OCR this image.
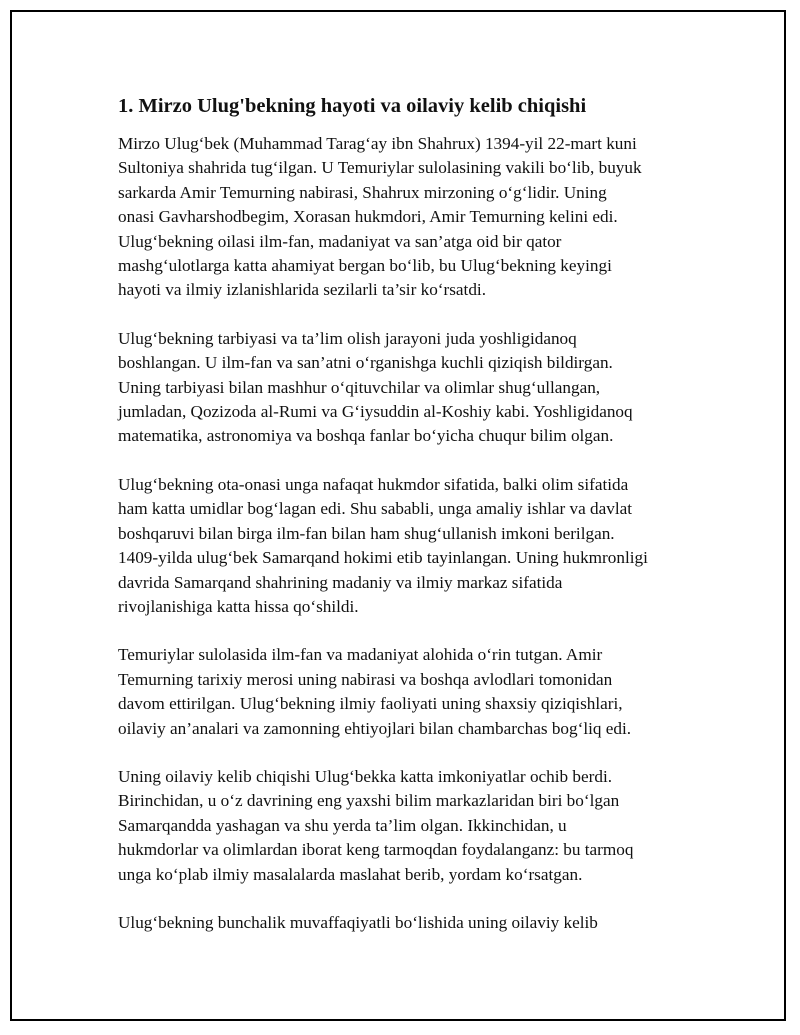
1. Mirzo Ulug'bekning hayoti va oilaviy kelib chiqishi
Mirzo Ulug‘bek (Muhammad Tarag‘ay ibn Shahrux) 1394-yil 22-mart kuni
Sultoniya shahrida tug‘ilgan. U Temuriylar sulolasining vakili bo‘lib, buyuk
sarkarda Amir Temurning nabirasi, Shahrux mirzoning o‘g‘lidir. Uning
onasi Gavharshodbegim, Xorasan hukmdori, Amir Temurning kelini edi.
Ulug‘bekning oilasi ilm-fan, madaniyat va san’atga oid bir qator
mashg‘ulotlarga katta ahamiyat bergan bo‘lib, bu Ulug‘bekning keyingi
hayoti va ilmiy izlanishlarida sezilarli ta’sir ko‘rsatdi.
Ulug‘bekning tarbiyasi va ta’lim olish jarayoni juda yoshligidanoq
boshlangan. U ilm-fan va san’atni o‘rganishga kuchli qiziqish bildirgan.
Uning tarbiyasi bilan mashhur o‘qituvchilar va olimlar shug‘ullangan,
jumladan, Qozizoda al-Rumi va G‘iysuddin al-Koshiy kabi. Yoshligidanoq
matematika, astronomiya va boshqa fanlar bo‘yicha chuqur bilim olgan.
Ulug‘bekning ota-onasi unga nafaqat hukmdor sifatida, balki olim sifatida
ham katta umidlar bog‘lagan edi. Shu sababli, unga amaliy ishlar va davlat
boshqaruvi bilan birga ilm-fan bilan ham shug‘ullanish imkoni berilgan.
1409-yilda ulug‘bek Samarqand hokimi etib tayinlangan. Uning hukmronligi
davrida Samarqand shahrining madaniy va ilmiy markaz sifatida
rivojlanishiga katta hissa qo‘shildi.
Temuriylar sulolasida ilm-fan va madaniyat alohida o‘rin tutgan. Amir
Temurning tarixiy merosi uning nabirasi va boshqa avlodlari tomonidan
davom ettirilgan. Ulug‘bekning ilmiy faoliyati uning shaxsiy qiziqishlari,
oilaviy an’analari va zamonning ehtiyojlari bilan chambarchas bog‘liq edi.
Uning oilaviy kelib chiqishi Ulug‘bekka katta imkoniyatlar ochib berdi.
Birinchidan, u o‘z davrining eng yaxshi bilim markazlaridan biri bo‘lgan
Samarqandda yashagan va shu yerda ta’lim olgan. Ikkinchidan, u
hukmdorlar va olimlardan iborat keng tarmoqdan foydalanganz: bu tarmoq
unga ko‘plab ilmiy masalalarda maslahat berib, yordam ko‘rsatgan.
Ulug‘bekning bunchalik muvaffaqiyatli bo‘lishida uning oilaviy kelib
